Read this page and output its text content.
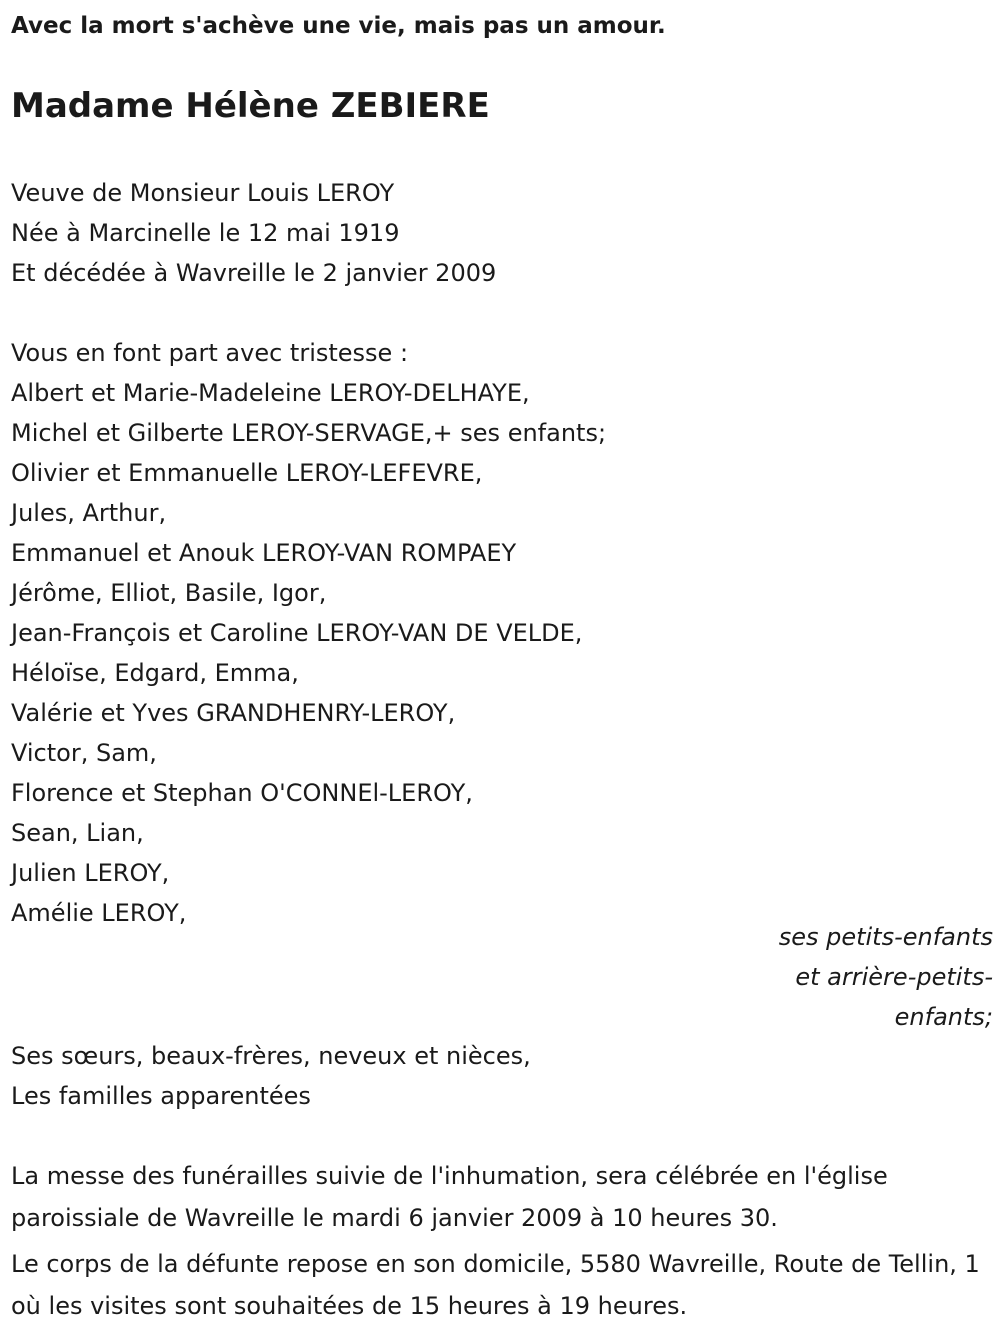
Avec la mort s'achève une vie, mais pas un amour.
Madame Hélène ZEBIERE
Veuve de Monsieur Louis LEROY
Née à Marcinelle le 12 mai 1919
Et décédée à Wavreille le 2 janvier 2009
Vous en font part avec tristesse :
Albert et Marie-Madeleine LEROY-DELHAYE,
Michel et Gilberte LEROY-SERVAGE,+ ses enfants;
Olivier et Emmanuelle LEROY-LEFEVRE,
Jules, Arthur,
Emmanuel et Anouk LEROY-VAN ROMPAEY
Jérôme, Elliot, Basile, Igor,
Jean-François et Caroline LEROY-VAN DE VELDE,
Héloïse, Edgard, Emma,
Valérie et Yves GRANDHENRY-LEROY,
Victor, Sam,
Florence et Stephan O'CONNEl-LEROY,
Sean, Lian,
Julien LEROY,
Amélie LEROY,
ses petits-enfants
et arrière-petits-
enfants;
Ses sœurs, beaux-frères, neveux et nièces,
Les familles apparentées

La messe des funérailles suivie de l'inhumation, sera célébrée en l'église paroissiale de Wavreille le mardi 6 janvier 2009 à 10 heures 30.

Le corps de la défunte repose en son domicile, 5580 Wavreille, Route de Tellin, 1 où les visites sont souhaitées de 15 heures à 19 heures.
